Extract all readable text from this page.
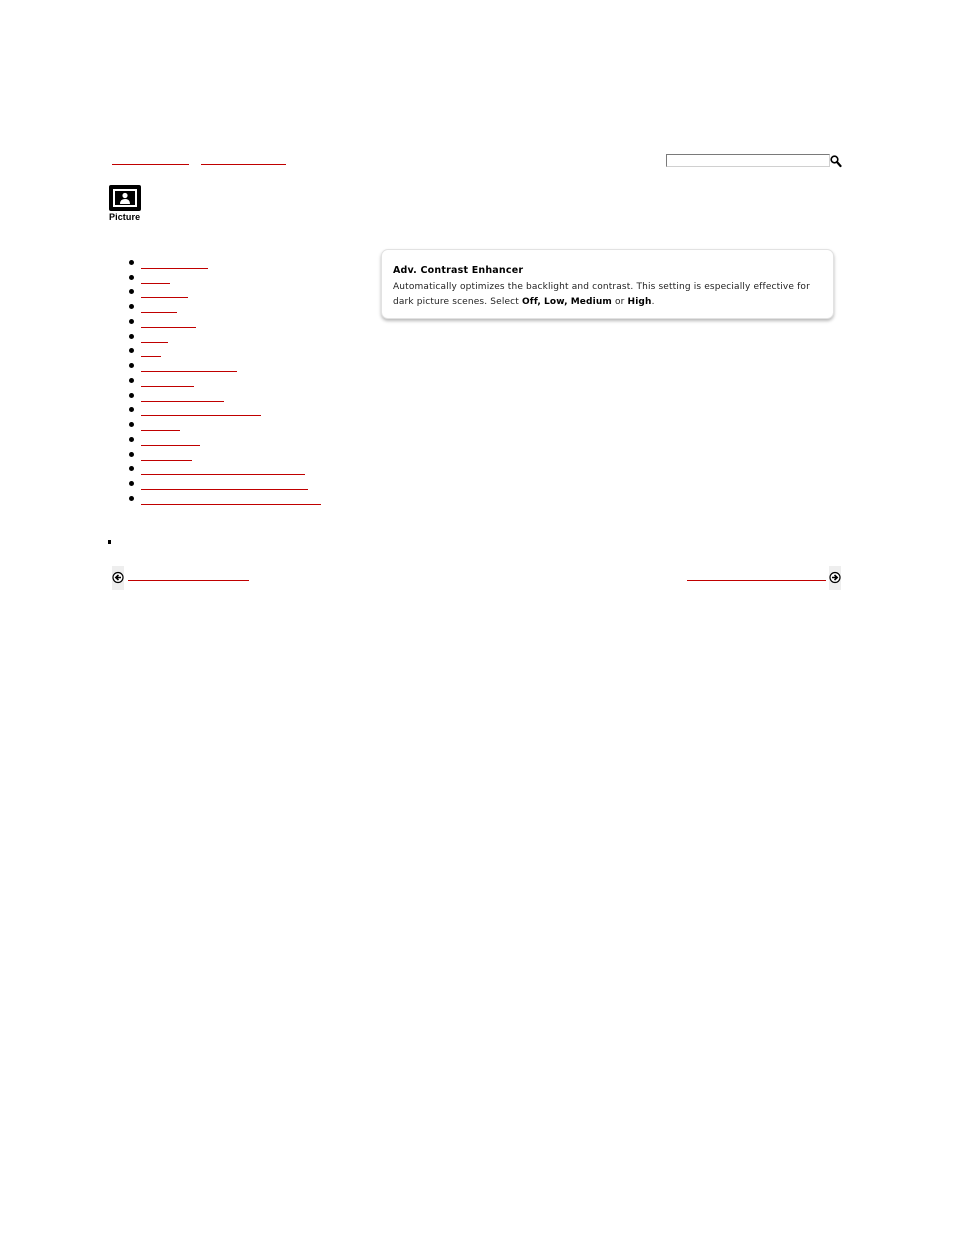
Picture
Adv. Contrast Enhancer
Automatically optimizes the backlight and contrast. This setting is especially effective for dark picture scenes. Select Off, Low, Medium or High.
